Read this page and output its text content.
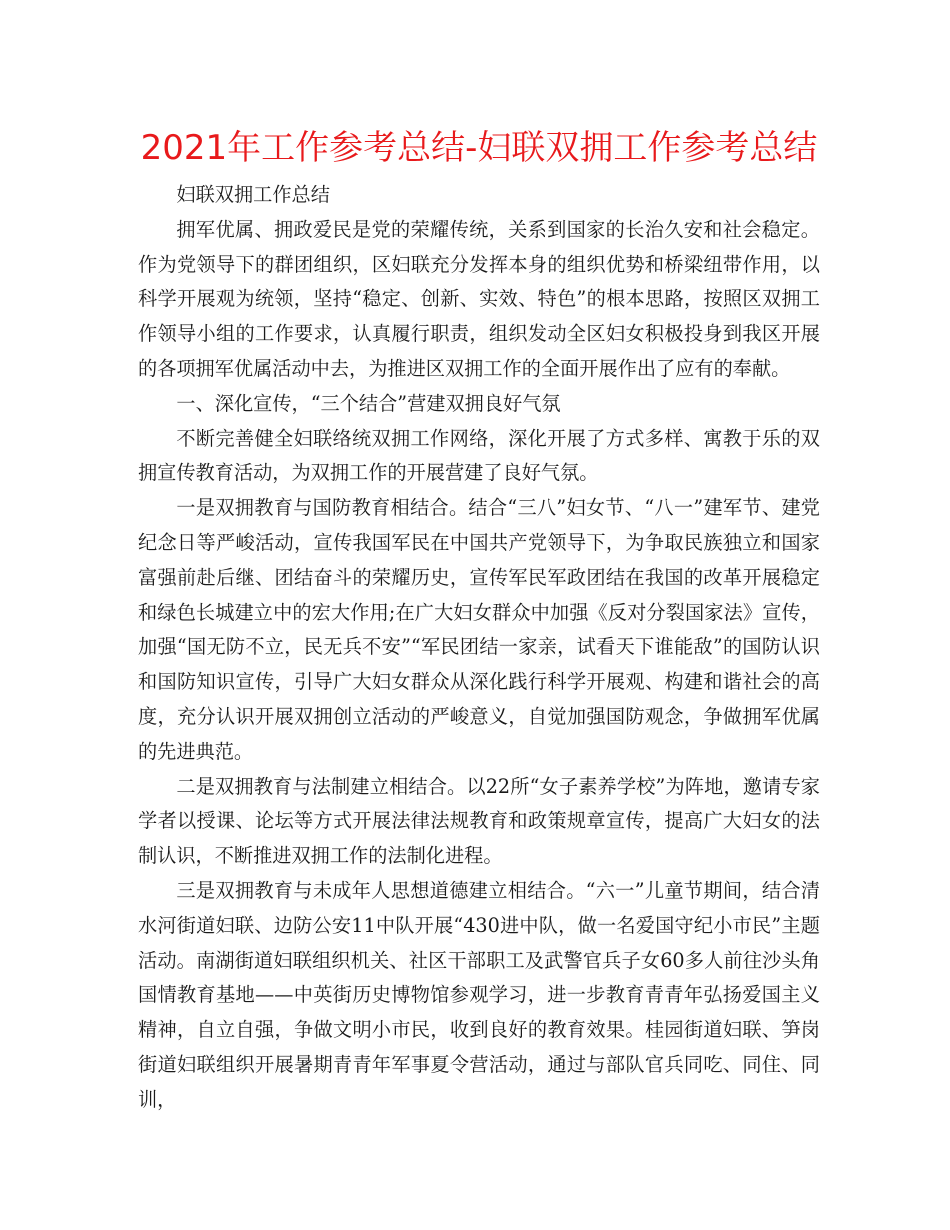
2021年工作参考总结-妇联双拥工作参考总结

妇联双拥工作总结

拥军优属、拥政爱民是党的荣耀传统，关系到国家的长治久安和社会稳定。作为党领导下的群团组织，区妇联充分发挥本身的组织优势和桥梁纽带作用，以科学开展观为统领，坚持“稳定、创新、实效、特色”的根本思路，按照区双拥工作领导小组的工作要求，认真履行职责，组织发动全区妇女积极投身到我区开展的各项拥军优属活动中去，为推进区双拥工作的全面开展作出了应有的奉献。

一、深化宣传，“三个结合”营建双拥良好气氛

不断完善健全妇联络统双拥工作网络，深化开展了方式多样、寓教于乐的双拥宣传教育活动，为双拥工作的开展营建了良好气氛。

一是双拥教育与国防教育相结合。结合“三八”妇女节、“八一”建军节、建党纪念日等严峻活动，宣传我国军民在中国共产党领导下，为争取民族独立和国家富强前赴后继、团结奋斗的荣耀历史，宣传军民军政团结在我国的改革开展稳定和绿色长城建立中的宏大作用;在广大妇女群众中加强《反对分裂国家法》宣传，加强“国无防不立，民无兵不安”“军民团结一家亲，试看天下谁能敌”的国防认识和国防知识宣传，引导广大妇女群众从深化践行科学开展观、构建和谐社会的高度，充分认识开展双拥创立活动的严峻意义，自觉加强国防观念，争做拥军优属的先进典范。

二是双拥教育与法制建立相结合。以22所“女子素养学校”为阵地，邀请专家学者以授课、论坛等方式开展法律法规教育和政策规章宣传，提高广大妇女的法制认识，不断推进双拥工作的法制化进程。

三是双拥教育与未成年人思想道德建立相结合。“六一”儿童节期间，结合清水河街道妇联、边防公安11中队开展“430进中队，做一名爱国守纪小市民”主题活动。南湖街道妇联组织机关、社区干部职工及武警官兵子女60多人前往沙头角国情教育基地——中英街历史博物馆参观学习，进一步教育青青年弘扬爱国主义精神，自立自强，争做文明小市民，收到良好的教育效果。桂园街道妇联、笋岗街道妇联组织开展暑期青青年军事夏令营活动，通过与部队官兵同吃、同住、同训，
